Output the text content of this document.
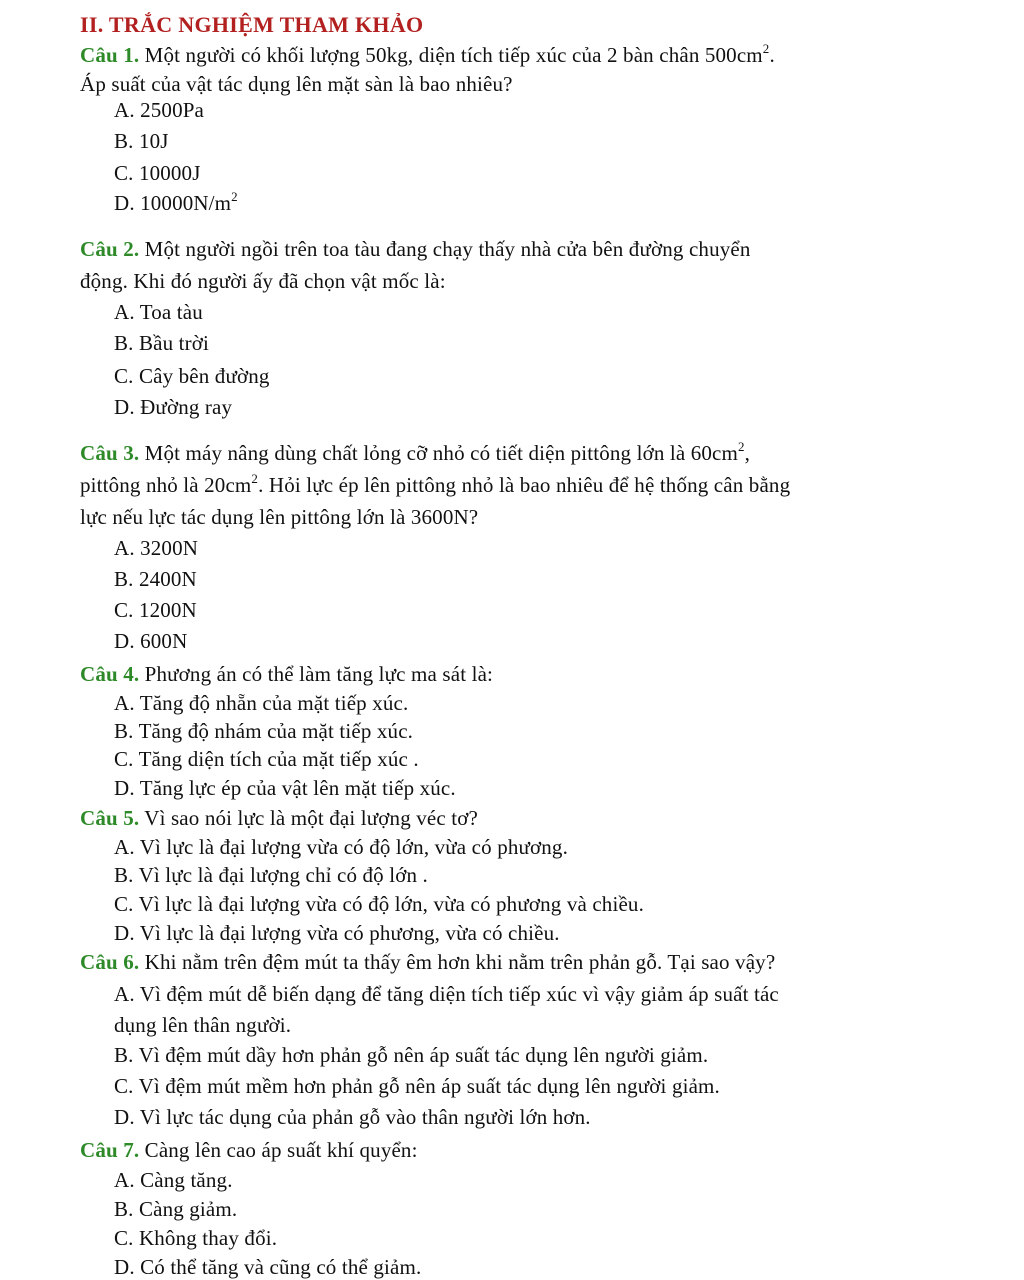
II. TRẮC NGHIỆM THAM KHẢO
Câu 1. Một người có khối lượng 50kg, diện tích tiếp xúc của 2 bàn chân $500cm^2$.
Áp suất của vật tác dụng lên mặt sàn là bao nhiêu?
A. 2500Pa
B. 10J
C. 10000J
D. $10000N/m^2$
Câu 2. Một người ngồi trên toa tàu đang chạy thấy nhà cửa bên đường chuyển
động. Khi đó người ấy đã chọn vật mốc là:
A. Toa tàu
B. Bầu trời
C. Cây bên đường
D. Đường ray
Câu 3. Một máy nâng dùng chất lỏng cỡ nhỏ có tiết diện pittông lớn là $60cm^2$,
pittông nhỏ là $20cm^2$. Hỏi lực ép lên pittông nhỏ là bao nhiêu để hệ thống cân bằng
lực nếu lực tác dụng lên pittông lớn là 3600N?
A. 3200N
B. 2400N
C. 1200N
D. 600N
Câu 4. Phương án có thể làm tăng lực ma sát là:
A. Tăng độ nhẵn của mặt tiếp xúc.
B. Tăng độ nhám của mặt tiếp xúc.
C. Tăng diện tích của mặt tiếp xúc .
D. Tăng lực ép của vật lên mặt tiếp xúc.
Câu 5. Vì sao nói lực là một đại lượng véc tơ?
A. Vì lực là đại lượng vừa có độ lớn, vừa có phương.
B. Vì lực là đại lượng chỉ có độ lớn .
C. Vì lực là đại lượng vừa có độ lớn, vừa có phương và chiều.
D. Vì lực là đại lượng vừa có phương, vừa có chiều.
Câu 6. Khi nằm trên đệm mút ta thấy êm hơn khi nằm trên phản gỗ. Tại sao vậy?
A. Vì đệm mút dễ biến dạng để tăng diện tích tiếp xúc vì vậy giảm áp suất tác
dụng lên thân người.
B. Vì đệm mút dầy hơn phản gỗ nên áp suất tác dụng lên người giảm.
C. Vì đệm mút mềm hơn phản gỗ nên áp suất tác dụng lên người giảm.
D. Vì lực tác dụng của phản gỗ vào thân người lớn hơn.
Câu 7. Càng lên cao áp suất khí quyển:
A. Càng tăng.
B. Càng giảm.
C. Không thay đổi.
D. Có thể tăng và cũng có thể giảm.
